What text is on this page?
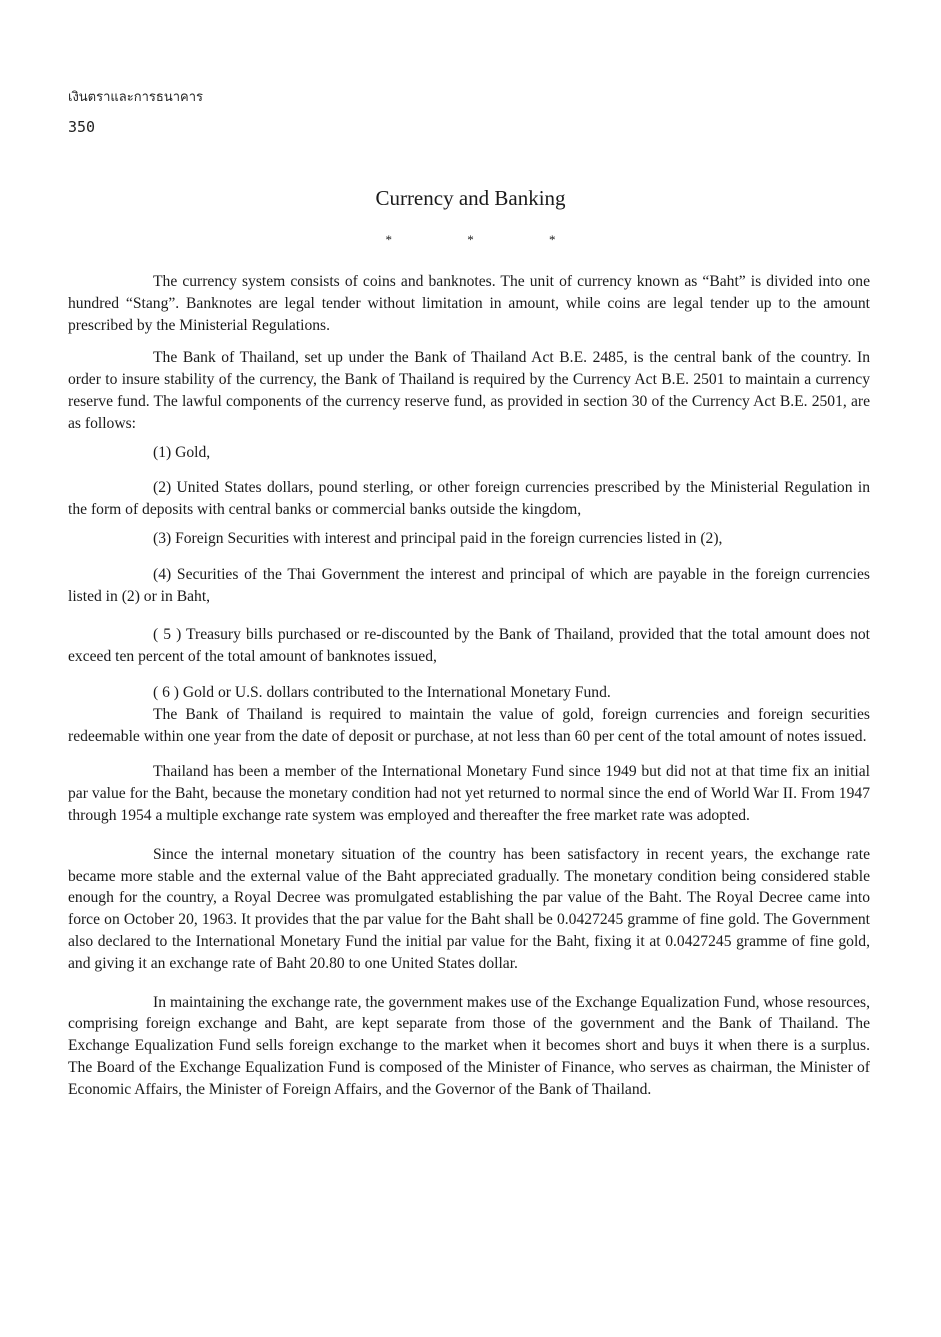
เงินตราและการธนาคาร
350
Currency and Banking
* * *

The currency system consists of coins and banknotes. The unit of currency known as “Baht” is divided into one hundred “Stang”. Banknotes are legal tender without limitation in amount, while coins are legal tender up to the amount prescribed by the Ministerial Regulations.

The Bank of Thailand, set up under the Bank of Thailand Act B.E. 2485, is the central bank of the country. In order to insure stability of the currency, the Bank of Thailand is required by the Currency Act B.E. 2501 to maintain a currency reserve fund. The lawful components of the currency reserve fund, as provided in section 30 of the Currency Act B.E. 2501, are as follows:

(1) Gold,

(2) United States dollars, pound sterling, or other foreign currencies prescribed by the Ministerial Regulation in the form of deposits with central banks or commercial banks outside the kingdom,

(3) Foreign Securities with interest and principal paid in the foreign currencies listed in (2),

(4) Securities of the Thai Government the interest and principal of which are payable in the foreign currencies listed in (2) or in Baht,

( 5 ) Treasury bills purchased or re-discounted by the Bank of Thailand, provided that the total amount does not exceed ten percent of the total amount of banknotes issued,

( 6 ) Gold or U.S. dollars contributed to the International Monetary Fund.

The Bank of Thailand is required to maintain the value of gold, foreign currencies and foreign securities redeemable within one year from the date of deposit or purchase, at not less than 60 per cent of the total amount of notes issued.

Thailand has been a member of the International Monetary Fund since 1949 but did not at that time fix an initial par value for the Baht, because the monetary condition had not yet returned to normal since the end of World War II. From 1947 through 1954 a multiple exchange rate system was employed and thereafter the free market rate was adopted.

Since the internal monetary situation of the country has been satisfactory in recent years, the exchange rate became more stable and the external value of the Baht appreciated gradually. The monetary condition being considered stable enough for the country, a Royal Decree was promulgated establishing the par value of the Baht. The Royal Decree came into force on October 20, 1963. It provides that the par value for the Baht shall be 0.0427245 gramme of fine gold. The Government also declared to the International Monetary Fund the initial par value for the Baht, fixing it at 0.0427245 gramme of fine gold, and giving it an exchange rate of Baht 20.80 to one United States dollar.

In maintaining the exchange rate, the government makes use of the Exchange Equalization Fund, whose resources, comprising foreign exchange and Baht, are kept separate from those of the government and the Bank of Thailand. The Exchange Equalization Fund sells foreign exchange to the market when it becomes short and buys it when there is a surplus. The Board of the Exchange Equalization Fund is composed of the Minister of Finance, who serves as chairman, the Minister of Economic Affairs, the Minister of Foreign Affairs, and the Governor of the Bank of Thailand.
